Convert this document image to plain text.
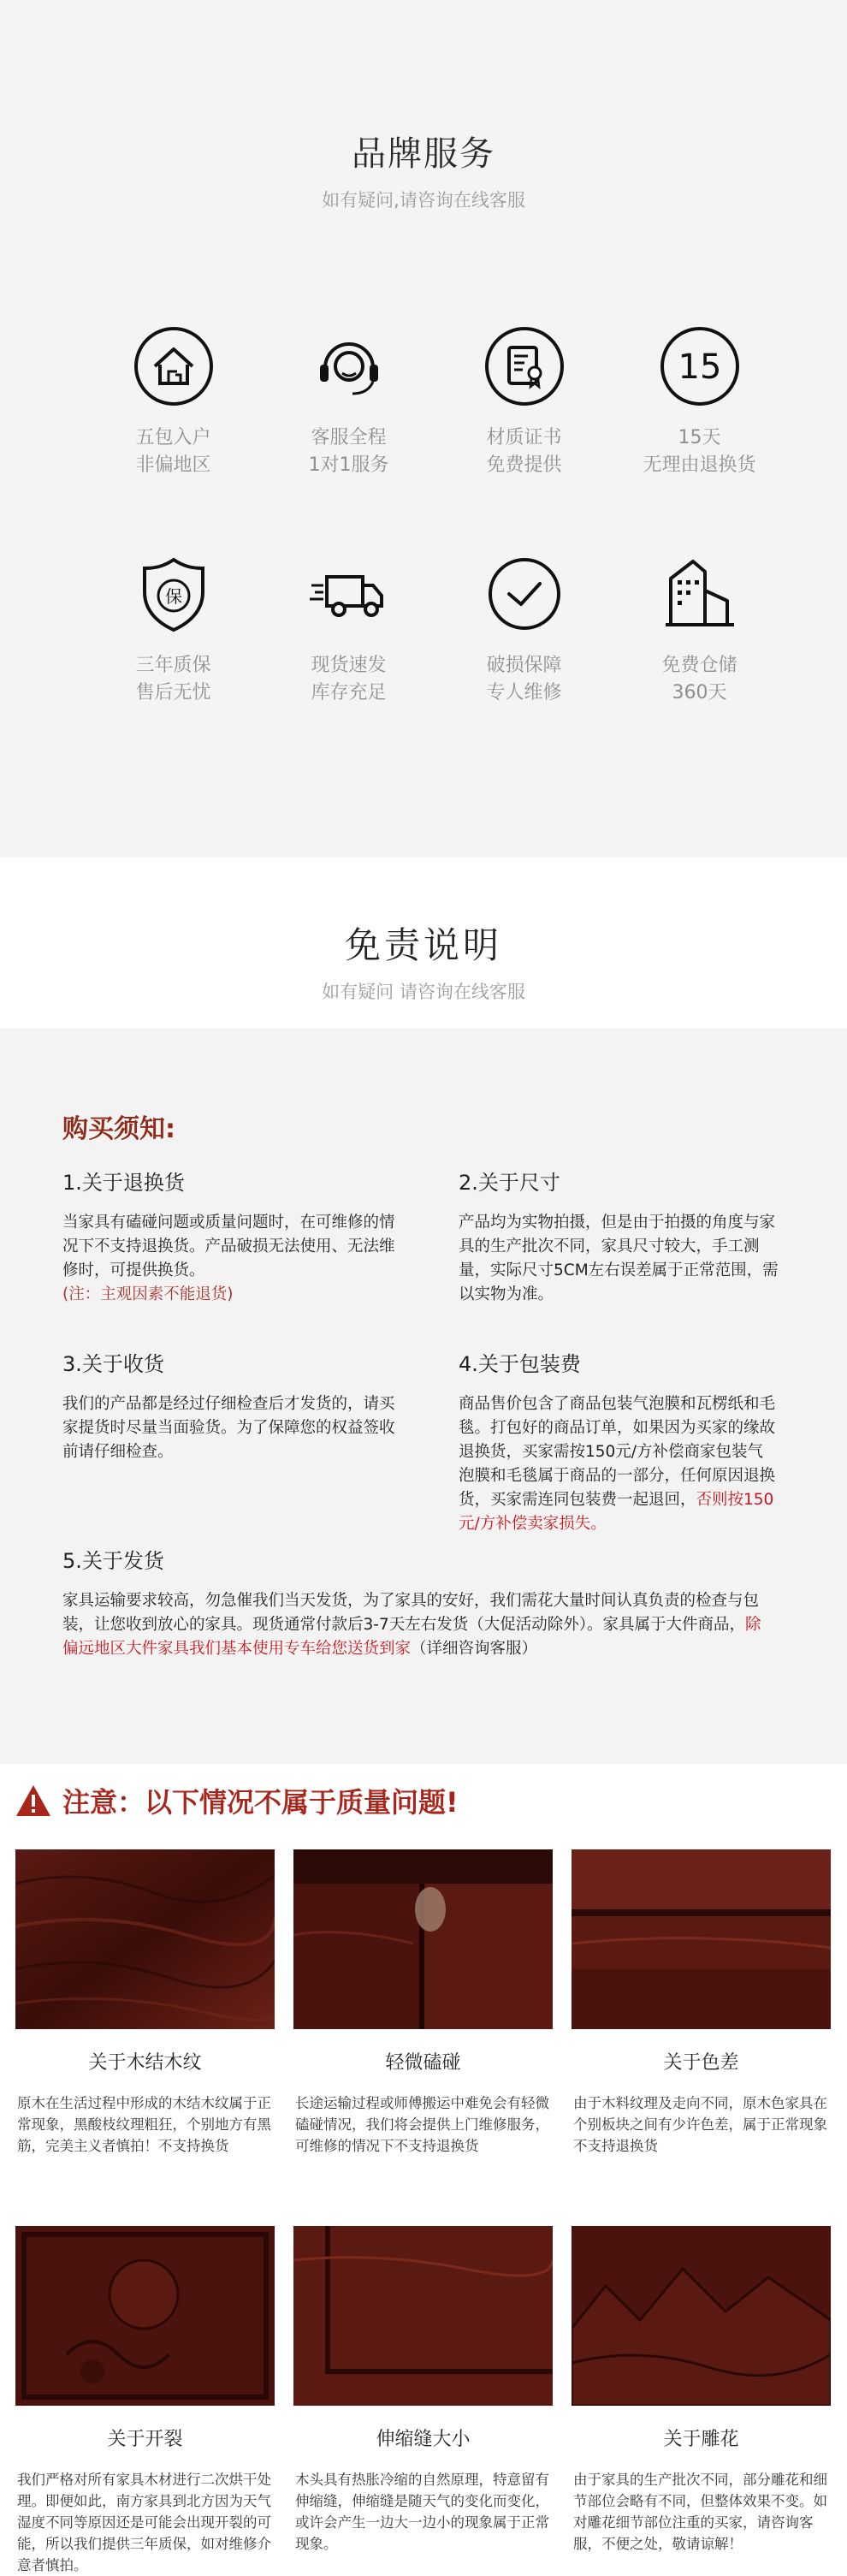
品牌服务
如有疑问,请咨询在线客服
五包入户
非偏地区
客服全程
1对1服务
材质证书
免费提供
15
15天
无理由退换货
保
三年质保
售后无忧
现货速发
库存充足
破损保障
专人维修
免费仓储
360天
免责说明
如有疑问 请咨询在线客服
购买须知:
1.关于退换货
当家具有磕碰问题或质量问题时，在可维修的情况下不支持退换货。产品破损无法使用、无法维修时，可提供换货。
(注：主观因素不能退货)
2.关于尺寸
产品均为实物拍摄，但是由于拍摄的角度与家具的生产批次不同，家具尺寸较大，手工测量，实际尺寸5CM左右误差属于正常范围，需以实物为准。
3.关于收货
我们的产品都是经过仔细检查后才发货的，请买家提货时尽量当面验货。为了保障您的权益签收前请仔细检查。
4.关于包装费
商品售价包含了商品包装气泡膜和瓦楞纸和毛毯。打包好的商品订单，如果因为买家的缘故退换货，买家需按150元/方补偿商家包装气泡膜和毛毯属于商品的一部分，任何原因退换货，买家需连同包装费一起退回，否则按150元/方补偿卖家损失。
5.关于发货
家具运输要求较高，勿急催我们当天发货，为了家具的安好，我们需花大量时间认真负责的检查与包装，让您收到放心的家具。现货通常付款后3-7天左右发货（大促活动除外）。家具属于大件商品，除偏远地区大件家具我们基本使用专车给您送货到家（详细咨询客服）
注意：以下情况不属于质量问题!
关于木结木纹
原木在生活过程中形成的木结木纹属于正常现象，黑酸枝纹理粗狂，个别地方有黑筋，完美主义者慎拍！不支持换货
轻微磕碰
长途运输过程或师傅搬运中难免会有轻微磕碰情况，我们将会提供上门维修服务，可维修的情况下不支持退换货
关于色差
由于木料纹理及走向不同，原木色家具在个别板块之间有少许色差，属于正常现象不支持退换货
关于开裂
我们严格对所有家具木材进行二次烘干处理。即便如此，南方家具到北方因为天气湿度不同等原因还是可能会出现开裂的可能，所以我们提供三年质保，如对维修介意者慎拍。
伸缩缝大小
木头具有热胀冷缩的自然原理，特意留有伸缩缝，伸缩缝是随天气的变化而变化，或许会产生一边大一边小的现象属于正常现象。
关于雕花
由于家具的生产批次不同，部分雕花和细节部位会略有不同，但整体效果不变。如对雕花细节部位注重的买家，请咨询客服，不便之处，敬请谅解！
